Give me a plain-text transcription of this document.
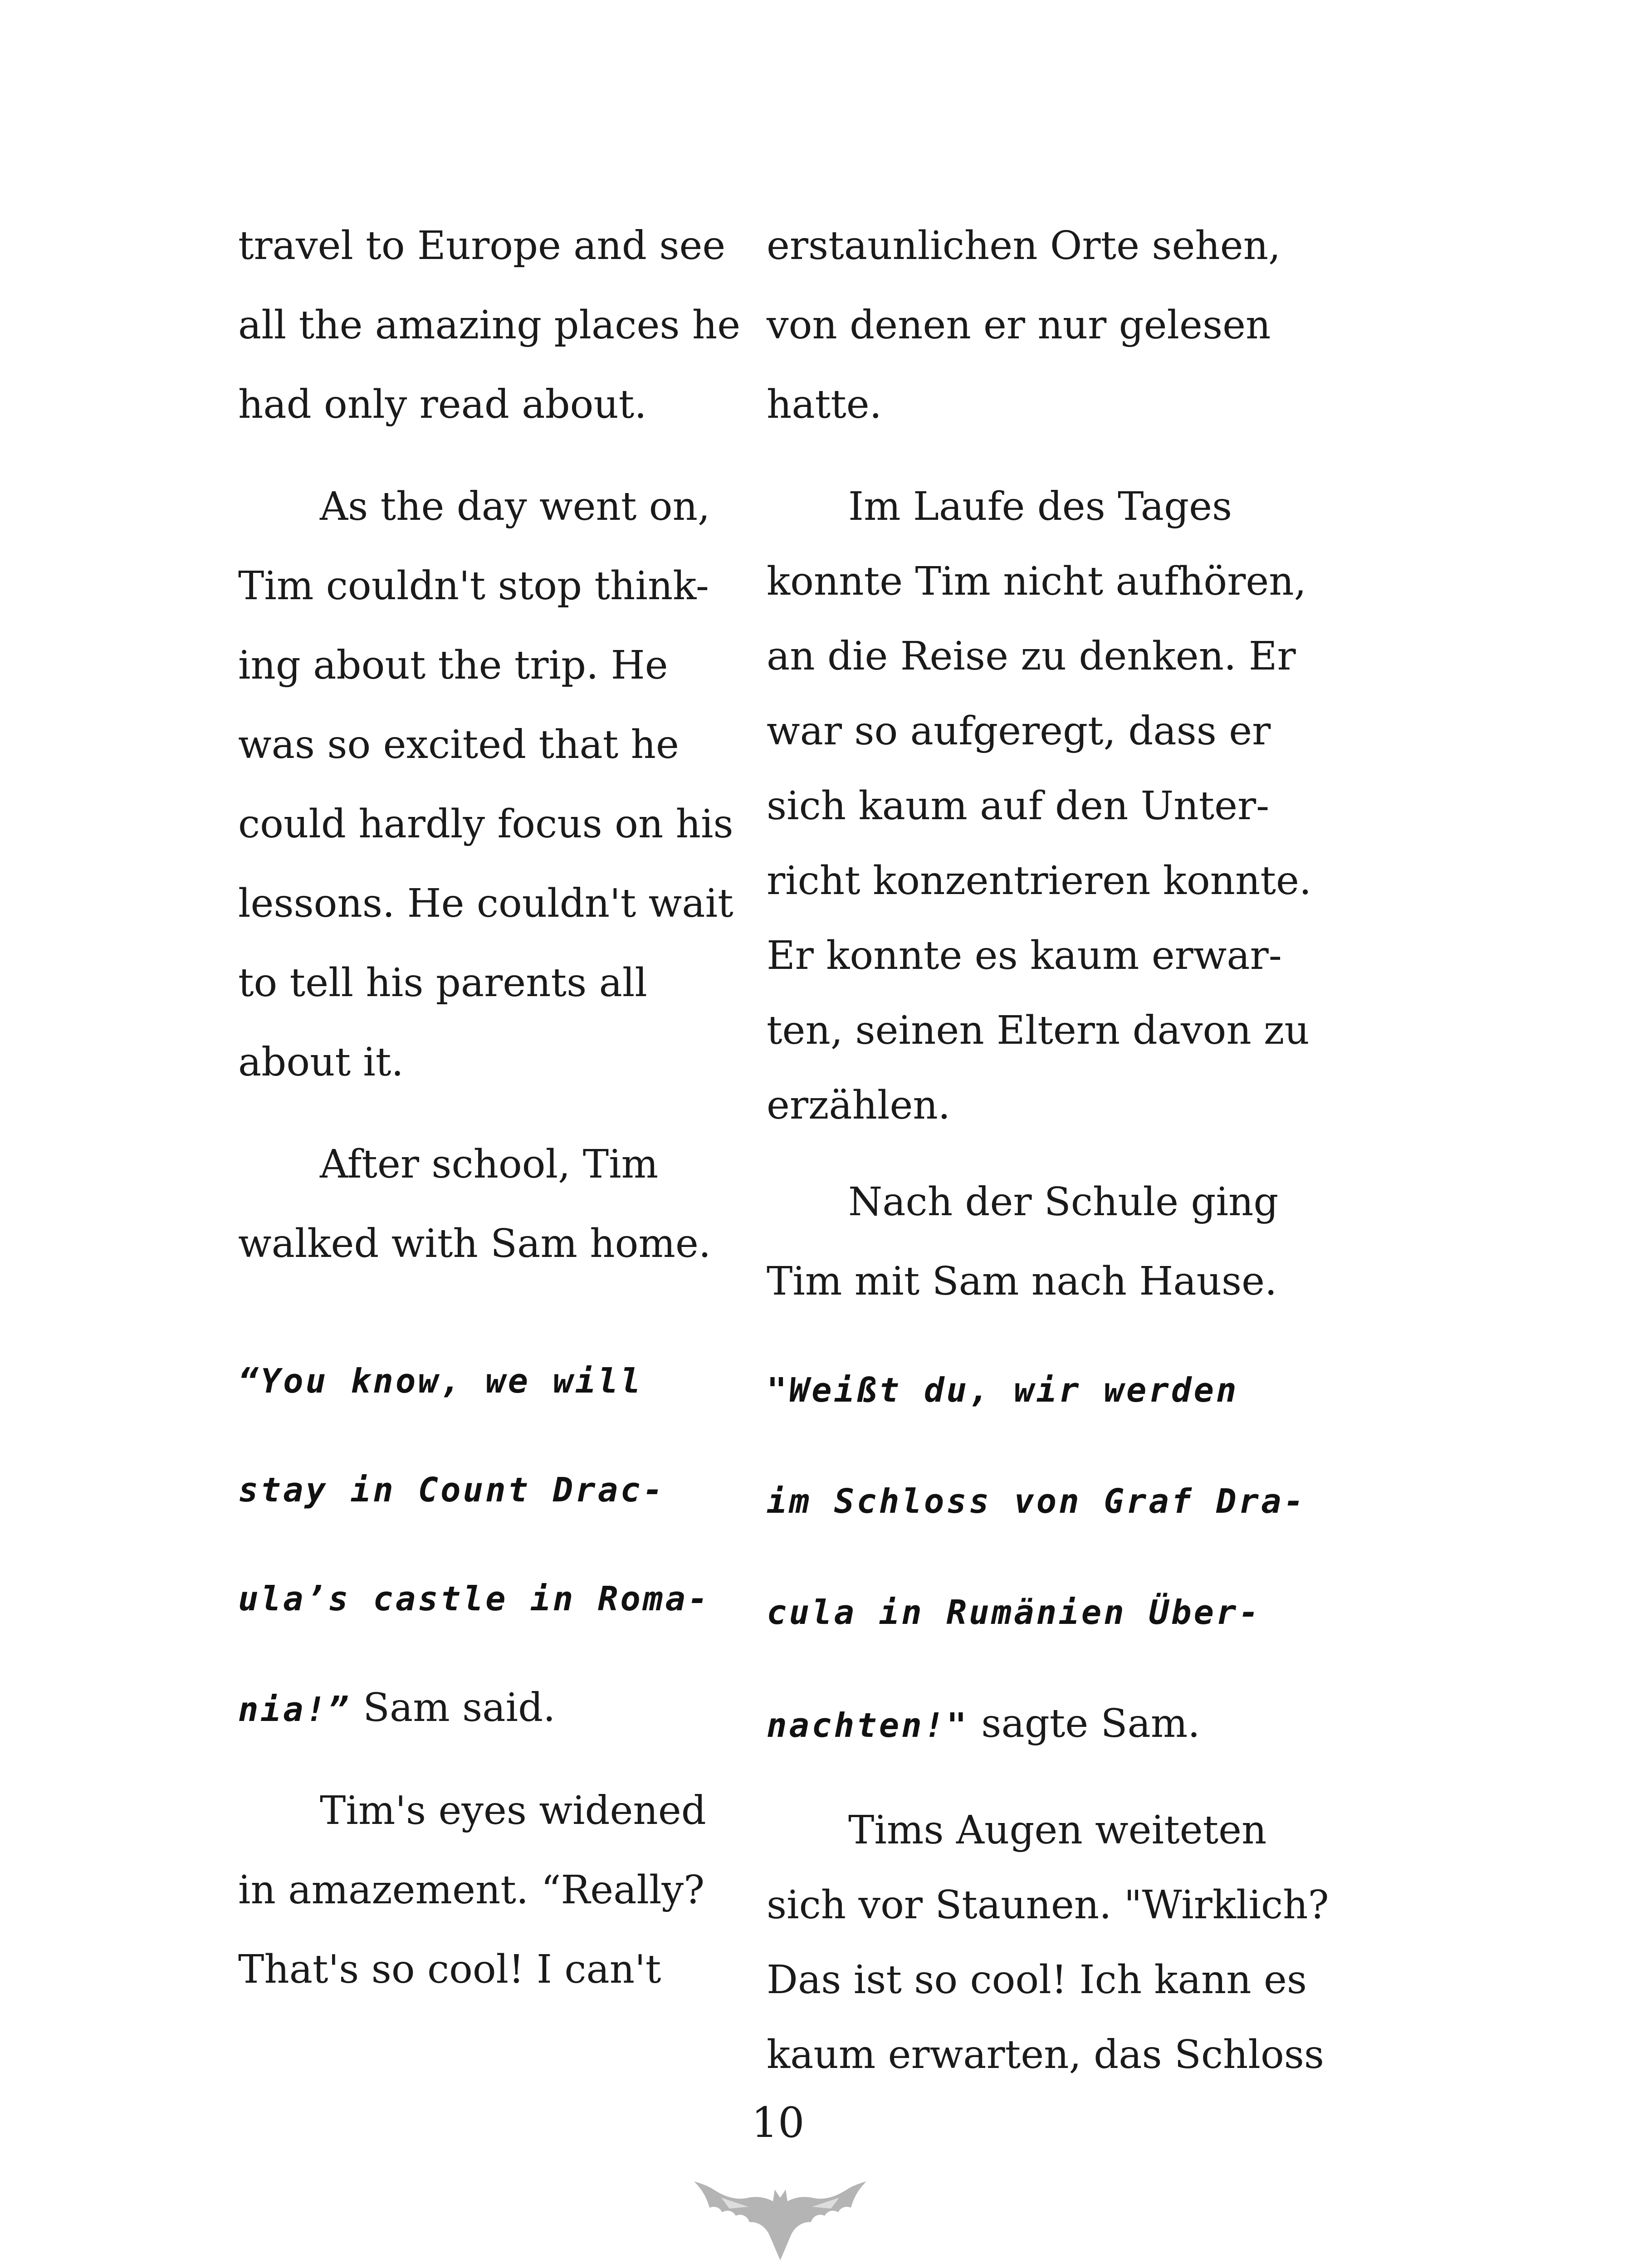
travel to Europe and see
all the amazing places he
had only read about.
As the day went on,
Tim couldn't stop think-
ing about the trip. He
was so excited that he
could hardly focus on his
lessons. He couldn't wait
to tell his parents all
about it.
After school, Tim
walked with Sam home.
“You know, we will
stay in Count Drac-
ula’s castle in Roma-
nia!” Sam said.
Tim's eyes widened
in amazement. “Really?
That's so cool! I can't
erstaunlichen Orte sehen,
von denen er nur gelesen
hatte.
Im Laufe des Tages
konnte Tim nicht aufhören,
an die Reise zu denken. Er
war so aufgeregt, dass er
sich kaum auf den Unter-
richt konzentrieren konnte.
Er konnte es kaum erwar-
ten, seinen Eltern davon zu
erzählen.
Nach der Schule ging
Tim mit Sam nach Hause.
"Weißt du, wir werden
im Schloss von Graf Dra-
cula in Rumänien Über-
nachten!" sagte Sam.
Tims Augen weiteten
sich vor Staunen. "Wirklich?
Das ist so cool! Ich kann es
kaum erwarten, das Schloss
10
